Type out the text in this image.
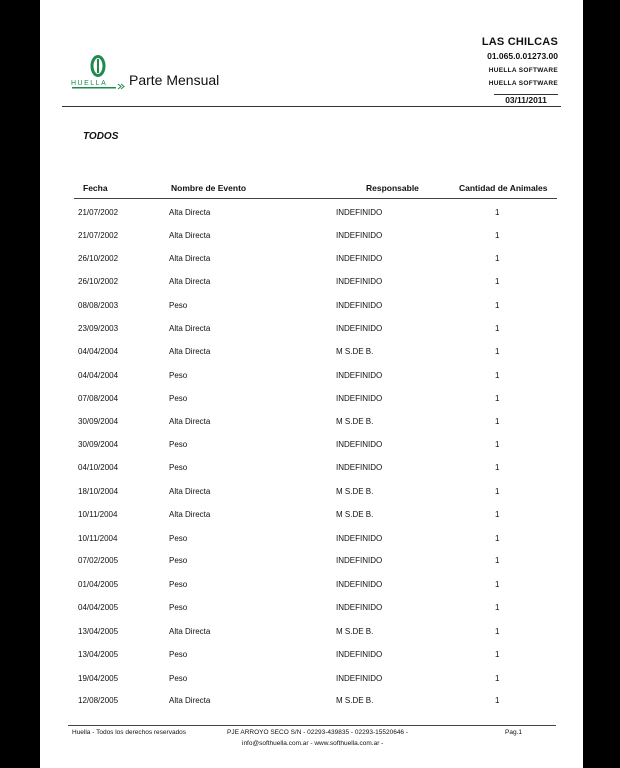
HUELLA Parte Mensual
LAS CHILCAS
01.065.0.01273.00
HUELLA SOFTWARE
HUELLA SOFTWARE
03/11/2011
TODOS
Fecha	Nombre de Evento	Responsable	Cantidad de Animales
21/07/2002	Alta Directa	INDEFINIDO	1
21/07/2002	Alta Directa	INDEFINIDO	1
26/10/2002	Alta Directa	INDEFINIDO	1
26/10/2002	Alta Directa	INDEFINIDO	1
08/08/2003	Peso	INDEFINIDO	1
23/09/2003	Alta Directa	INDEFINIDO	1
04/04/2004	Alta Directa	M S.DE B.	1
04/04/2004	Peso	INDEFINIDO	1
07/08/2004	Peso	INDEFINIDO	1
30/09/2004	Alta Directa	M S.DE B.	1
30/09/2004	Peso	INDEFINIDO	1
04/10/2004	Peso	INDEFINIDO	1
18/10/2004	Alta Directa	M S.DE B.	1
10/11/2004	Alta Directa	M S.DE B.	1
10/11/2004	Peso	INDEFINIDO	1
07/02/2005	Peso	INDEFINIDO	1
01/04/2005	Peso	INDEFINIDO	1
04/04/2005	Peso	INDEFINIDO	1
13/04/2005	Alta Directa	M S.DE B.	1
13/04/2005	Peso	INDEFINIDO	1
19/04/2005	Peso	INDEFINIDO	1
12/08/2005	Alta Directa	M S.DE B.	1
Huella - Todos los derechos reservados	PJE ARROYO SECO S/N - 02293-439835 - 02293-15520646 -
info@softhuella.com.ar - www.softhuella.com.ar -
Pag.1
